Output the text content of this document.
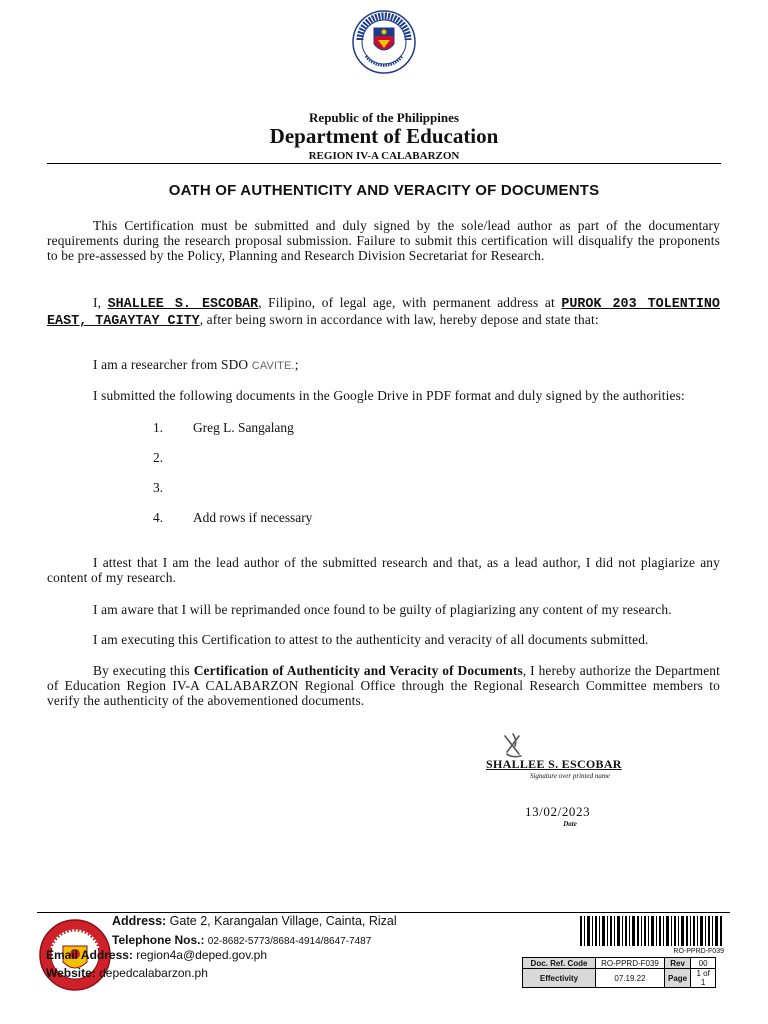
Republic of the Philippines
Department of Education
REGION IV-A CALABARZON
OATH OF AUTHENTICITY AND VERACITY OF DOCUMENTS
This Certification must be submitted and duly signed by the sole/lead author as part of the documentary requirements during the research proposal submission. Failure to submit this certification will disqualify the proponents to be pre-assessed by the Policy, Planning and Research Division Secretariat for Research.
I, SHALLEE S. ESCOBAR, Filipino, of legal age, with permanent address at PUROK 203 TOLENTINO EAST, TAGAYTAY CITY, after being sworn in accordance with law, hereby depose and state that:
I am a researcher from SDO CAVITE.;
I submitted the following documents in the Google Drive in PDF format and duly signed by the authorities:
1. Greg L. Sangalang
2.
3.
4. Add rows if necessary
I attest that I am the lead author of the submitted research and that, as a lead author, I did not plagiarize any content of my research.
I am aware that I will be reprimanded once found to be guilty of plagiarizing any content of my research.
I am executing this Certification to attest to the authenticity and veracity of all documents submitted.
By executing this Certification of Authenticity and Veracity of Documents, I hereby authorize the Department of Education Region IV-A CALABARZON Regional Office through the Regional Research Committee members to verify the authenticity of the abovementioned documents.
SHALLEE S. ESCOBAR
Signature over printed name
13/02/2023
Date
Address: Gate 2, Karangalan Village, Cainta, Rizal
Telephone Nos.: 02-8682-5773/8684-4914/8647-7487
Email Address: region4a@deped.gov.ph
Website: depedcalabarzon.ph
RO-PPRD-F039
Doc. Ref. Code	RO-PPRD-F039	Rev	00
Effectivity	07.19.22	Page	1 of 1
